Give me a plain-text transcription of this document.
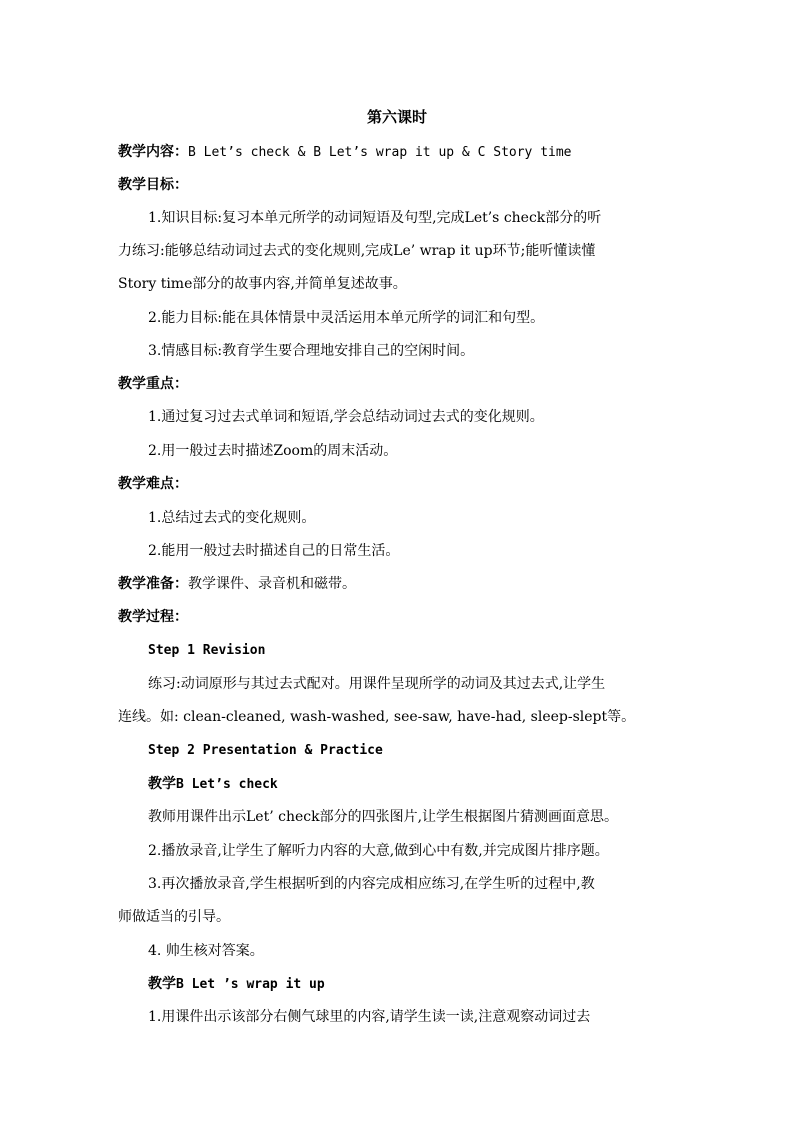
第六课时

教学内容：B Let’s check & B Let’s wrap it up & C Story time

教学目标：

1.知识目标:复习本单元所学的动词短语及句型,完成Let’s check部分的听

力练习:能够总结动词过去式的变化规则,完成Le’ wrap it up环节;能听懂读懂

Story time部分的故事内容,并简单复述故事。

2.能力目标:能在具体情景中灵活运用本单元所学的词汇和句型。

3.情感目标:教育学生要合理地安排自己的空闲时间。

教学重点：

1.通过复习过去式单词和短语,学会总结动词过去式的变化规则。

2.用一般过去时描述Zoom的周末活动。

教学难点：

1.总结过去式的变化规则。

2.能用一般过去时描述自己的日常生活。

教学准备：教学课件、录音机和磁带。

教学过程：

Step 1 Revision

练习:动词原形与其过去式配对。用课件呈现所学的动词及其过去式,让学生

连线。如: clean-cleaned, wash-washed, see-saw, have-had, sleep-slept等。

Step 2 Presentation & Practice

教学B Let’s check

教师用课件出示Let’ check部分的四张图片,让学生根据图片猜测画面意思。

2.播放录音,让学生了解听力内容的大意,做到心中有数,并完成图片排序题。

3.再次播放录音,学生根据听到的内容完成相应练习,在学生听的过程中,教

师做适当的引导。

4. 帅生核对答案。

教学B Let ’s wrap it up

1.用课件出示该部分右侧气球里的内容,请学生读一读,注意观察动词过去
